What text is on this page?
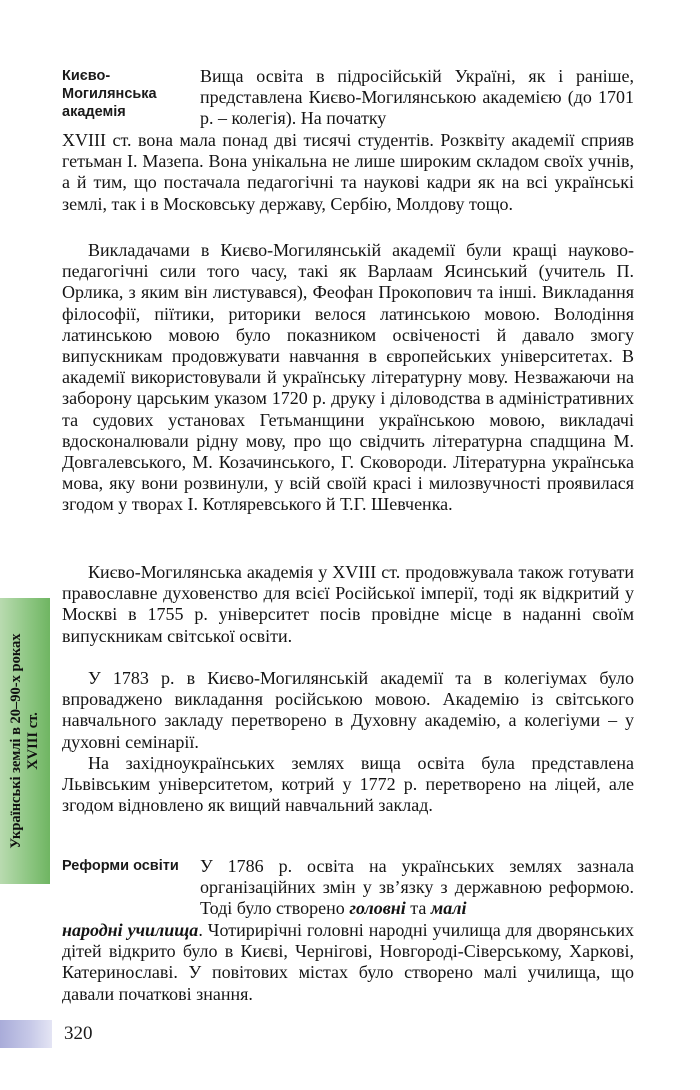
Києво-Могилянська академія

Вища освіта в підросійській Україні, як і раніше, представлена Києво-Могилянською академією (до 1701 р. – колегія). На початку

XVIII ст. вона мала понад дві тисячі студентів. Розквіту академії сприяв гетьман І. Мазепа. Вона унікальна не лише широким складом своїх учнів, а й тим, що постачала педагогічні та наукові кадри як на всі українські землі, так і в Московську державу, Сербію, Молдову тощо.

Викладачами в Києво-Могилянській академії були кращі науково-педагогічні сили того часу, такі як Варлаам Ясинський (учитель П. Орлика, з яким він листувався), Феофан Прокопович та інші. Викладання філософії, піїтики, риторики велося латинською мовою. Володіння латинською мовою було показником освіченості й давало змогу випускникам продовжувати навчання в європейських університетах. В академії використовували й українську літературну мову. Незважаючи на заборону царським указом 1720 р. друку і діловодства в адміністративних та судових установах Гетьманщини українською мовою, викладачі вдосконалювали рідну мову, про що свідчить літературна спадщина М. Довгалевського, М. Козачинського, Г. Сковороди. Літературна українська мова, яку вони розвинули, у всій своїй красі і милозвучності проявилася згодом у творах І. Котляревського й Т.Г. Шевченка.

Києво-Могилянська академія у XVIII ст. продовжувала також готувати православне духовенство для всієї Російської імперії, тоді як відкритий у Москві в 1755 р. університет посів провідне місце в наданні своїм випускникам світської освіти.

У 1783 р. в Києво-Могилянській академії та в колегіумах було впроваджено викладання російською мовою. Академію із світського навчального закладу перетворено в Духовну академію, а колегіуми – у духовні семінарії.

На західноукраїнських землях вища освіта була представлена Львівським університетом, котрий у 1772 р. перетворено на ліцей, але згодом відновлено як вищий навчальний заклад.

Реформи освіти	У 1786 р. освіта на українських землях зазнала організаційних змін у зв’язку з державною реформою. Тоді було створено головні та малі

народні училища. Чотирирічні головні народні училища для дворянських дітей відкрито було в Києві, Чернігові, Новгороді-Сіверському, Харкові, Катеринославі. У повітових містах було створено малі училища, що давали початкові знання.

Українські землі в 20–90-х роках XVIII ст.
320
